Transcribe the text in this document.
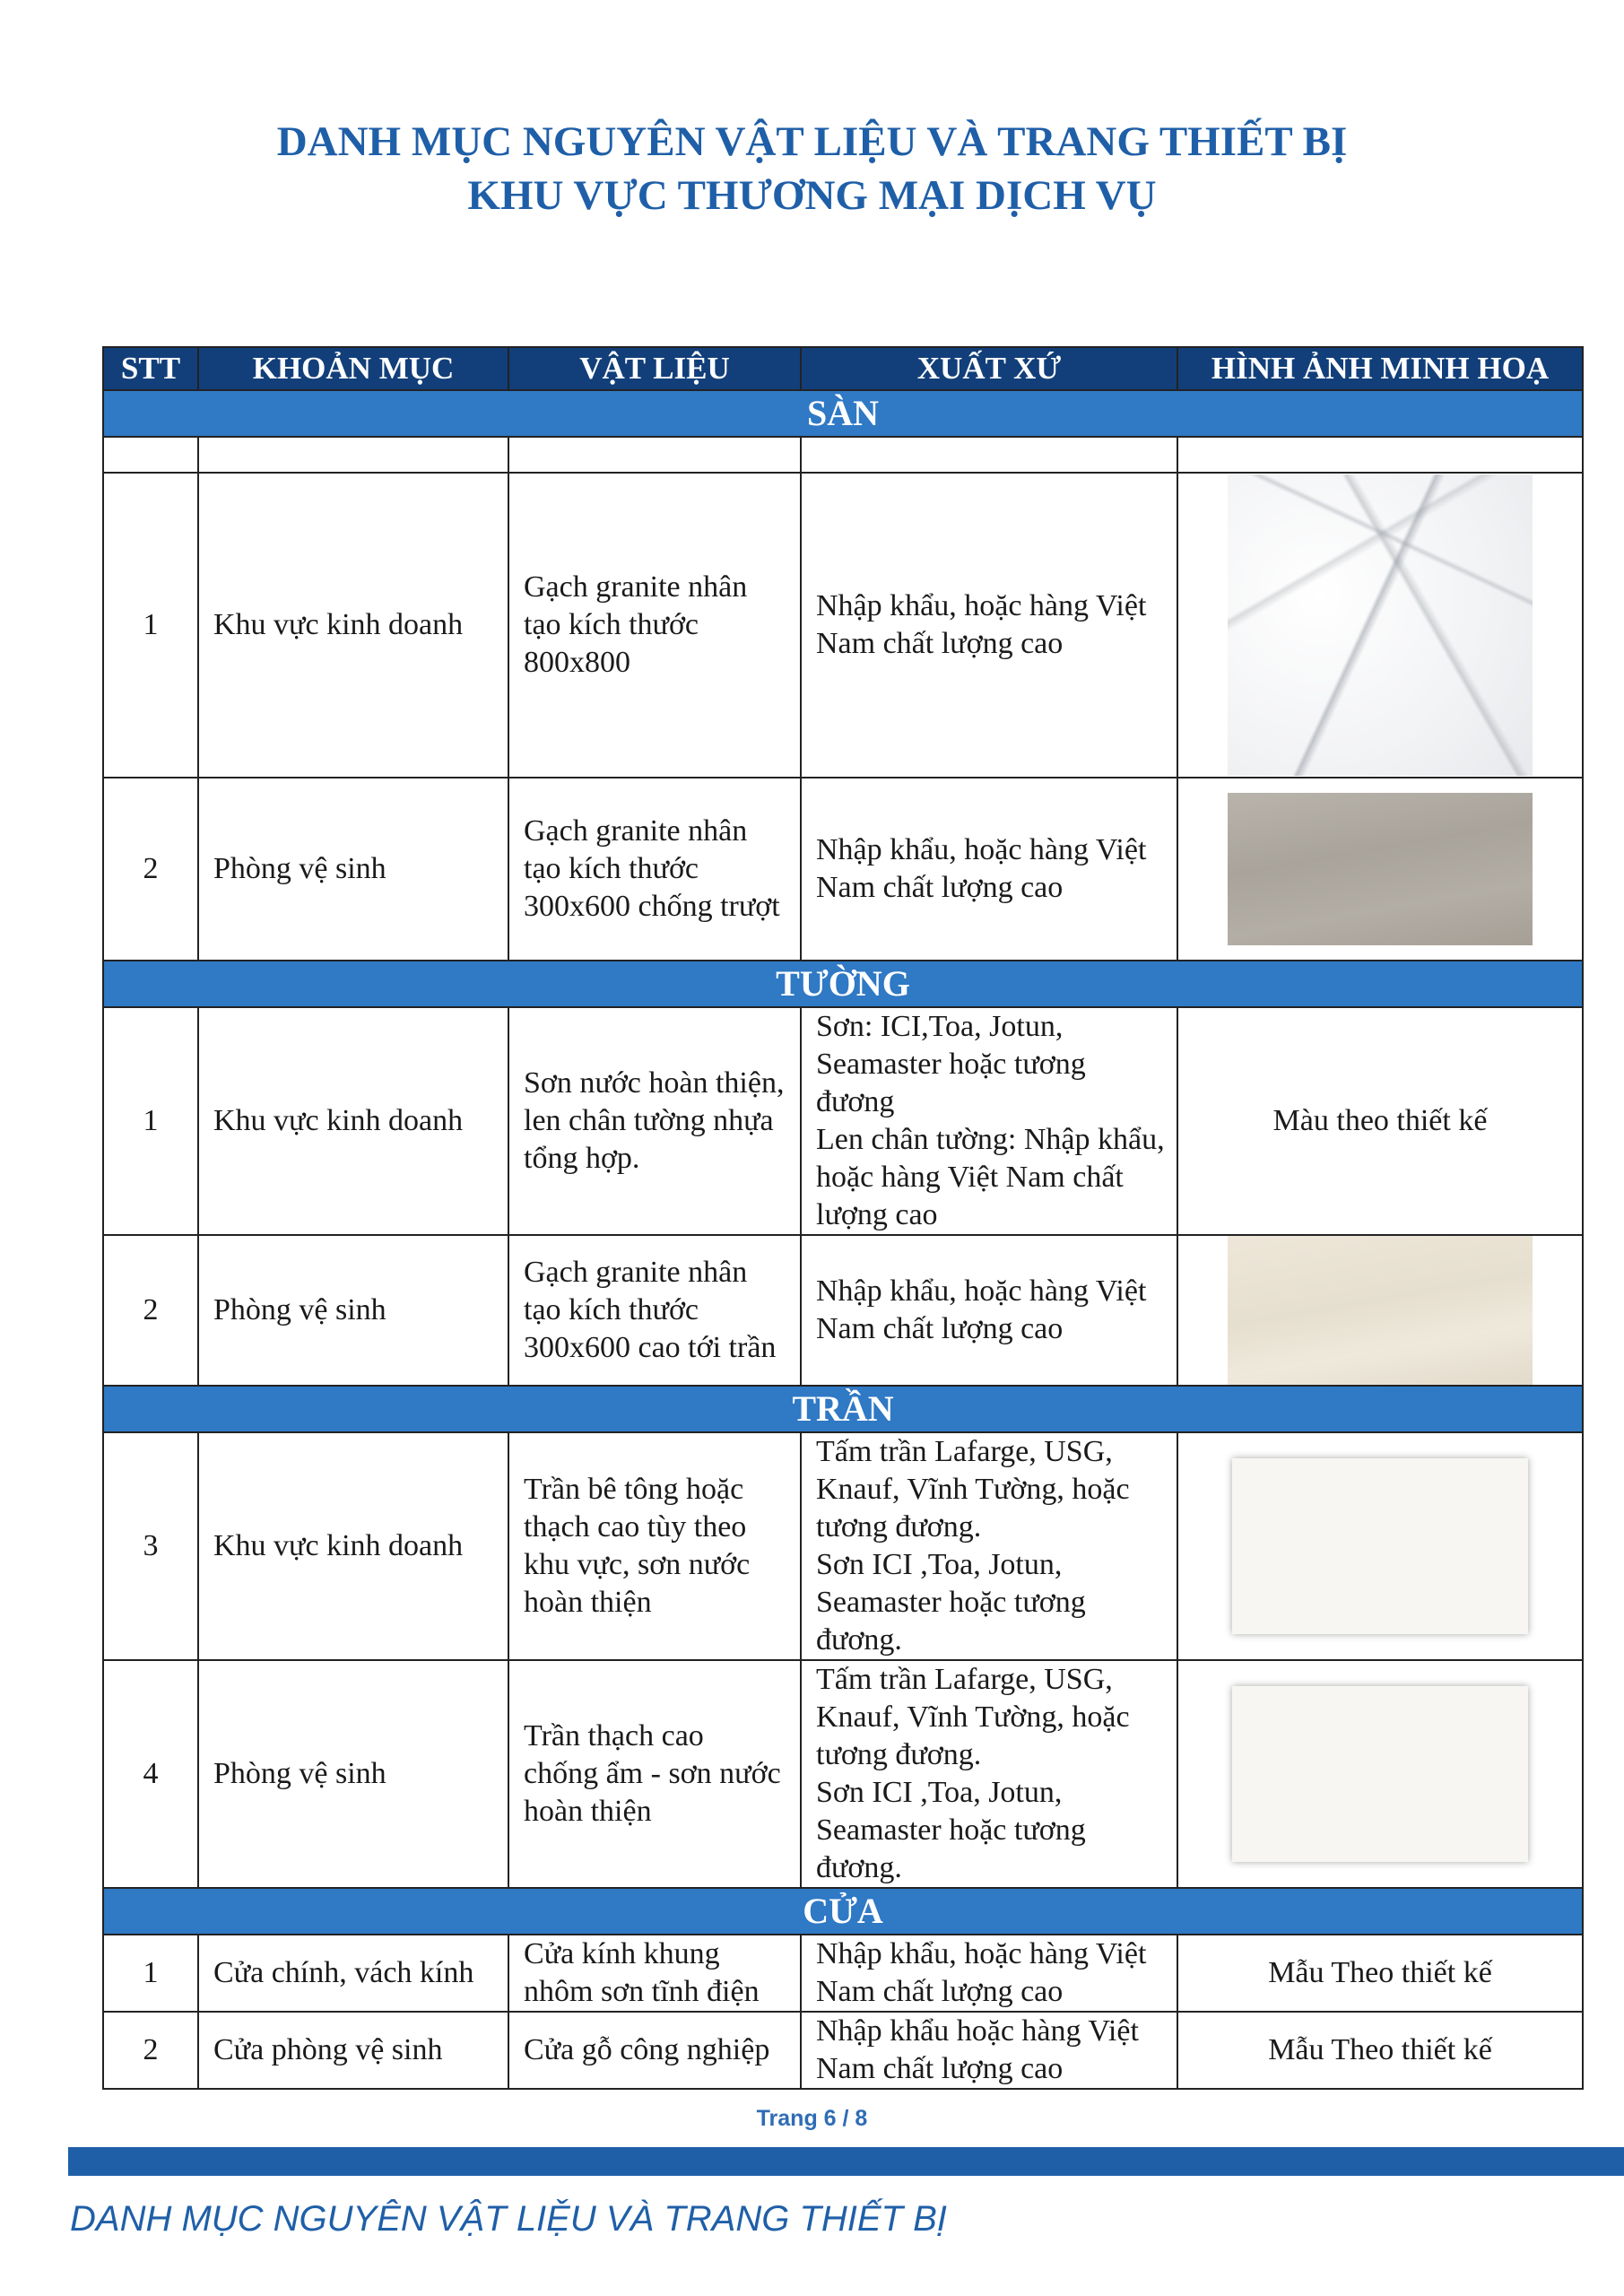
DANH MỤC NGUYÊN VẬT LIỆU VÀ TRANG THIẾT BỊ
KHU VỰC THƯƠNG MẠI DỊCH VỤ
STT	KHOẢN MỤC	VẬT LIỆU	XUẤT XỨ	HÌNH ẢNH MINH HOẠ
SÀN				

1	Khu vực kinh doanh	Gạch granite nhân tạo kích thước 800x800	Nhập khẩu, hoặc hàng Việt Nam chất lượng cao	

2	Phòng vệ sinh	Gạch granite nhân tạo kích thước 300x600 chống trượt	Nhập khẩu, hoặc hàng Việt Nam chất lượng cao	

TƯỜNG				
1	Khu vực kinh doanh	Sơn nước hoàn thiện, len chân tường nhựa tổng hợp.	Sơn: ICI,Toa, Jotun, Seamaster hoặc tương đương
Len chân tường: Nhập khẩu, hoặc hàng Việt Nam chất lượng cao	Màu theo thiết kế
2	Phòng vệ sinh	Gạch granite nhân tạo kích thước 300x600 cao tới trần	Nhập khẩu, hoặc hàng Việt Nam chất lượng cao	

TRẦN				
3	Khu vực kinh doanh	Trần bê tông hoặc thạch cao tùy theo khu vực, sơn nước hoàn thiện	Tấm trần Lafarge, USG, Knauf, Vĩnh Tường, hoặc tương đương.
Sơn ICI ,Toa, Jotun, Seamaster hoặc tương đương.	

4	Phòng vệ sinh	Trần thạch cao chống ẩm - sơn nước hoàn thiện	Tấm trần Lafarge, USG, Knauf, Vĩnh Tường, hoặc tương đương.
Sơn ICI ,Toa, Jotun, Seamaster hoặc tương đương.	

CỬA				
1	Cửa chính, vách kính	Cửa kính khung nhôm sơn tĩnh điện	Nhập khẩu, hoặc hàng Việt Nam chất lượng cao	Mẫu Theo thiết kế
2	Cửa phòng vệ sinh	Cửa gỗ công nghiệp	Nhập khẩu hoặc hàng Việt Nam chất lượng cao	Mẫu Theo thiết kế
Trang 6 / 8
DANH MỤC NGUYÊN VẬT LIỆU VÀ TRANG THIẾT BỊ
